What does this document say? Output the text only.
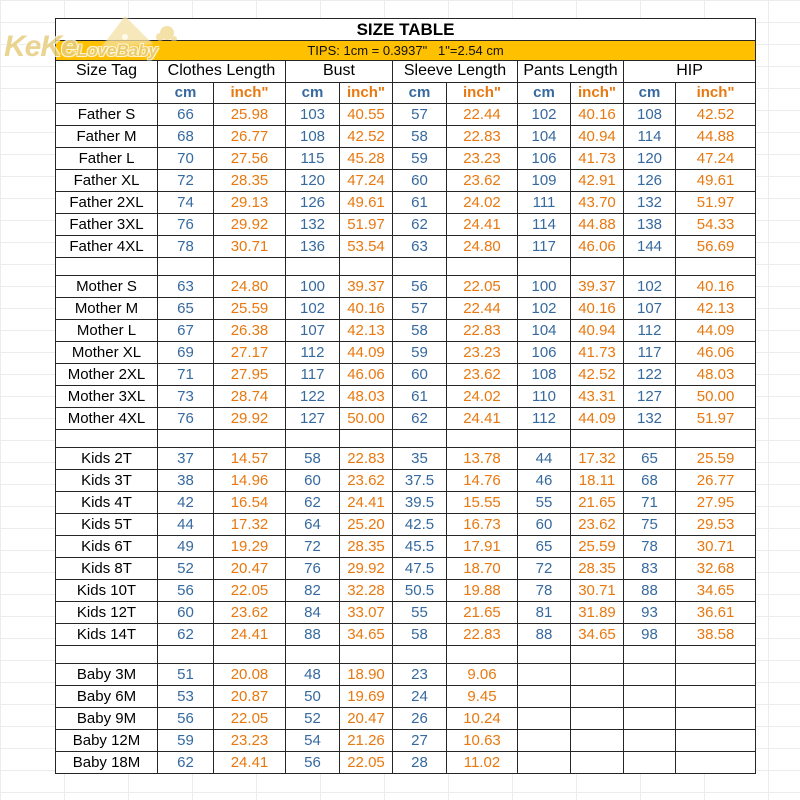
KeKeLoveBaby
SIZE TABLE										
TIPS: 1cm = 0.3937"   1"=2.54 cm										
Size Tag	Clothes Length		Bust		Sleeve Length		Pants Length		HIP	
	cm	inch"	cm	inch"	cm	inch"	cm	inch"	cm	inch"
Father S	66	25.98	103	40.55	57	22.44	102	40.16	108	42.52
Father M	68	26.77	108	42.52	58	22.83	104	40.94	114	44.88
Father L	70	27.56	115	45.28	59	23.23	106	41.73	120	47.24
Father XL	72	28.35	120	47.24	60	23.62	109	42.91	126	49.61
Father 2XL	74	29.13	126	49.61	61	24.02	111	43.70	132	51.97
Father 3XL	76	29.92	132	51.97	62	24.41	114	44.88	138	54.33
Father 4XL	78	30.71	136	53.54	63	24.80	117	46.06	144	56.69

Mother S	63	24.80	100	39.37	56	22.05	100	39.37	102	40.16
Mother M	65	25.59	102	40.16	57	22.44	102	40.16	107	42.13
Mother L	67	26.38	107	42.13	58	22.83	104	40.94	112	44.09
Mother XL	69	27.17	112	44.09	59	23.23	106	41.73	117	46.06
Mother 2XL	71	27.95	117	46.06	60	23.62	108	42.52	122	48.03
Mother 3XL	73	28.74	122	48.03	61	24.02	110	43.31	127	50.00
Mother 4XL	76	29.92	127	50.00	62	24.41	112	44.09	132	51.97

Kids 2T	37	14.57	58	22.83	35	13.78	44	17.32	65	25.59
Kids 3T	38	14.96	60	23.62	37.5	14.76	46	18.11	68	26.77
Kids 4T	42	16.54	62	24.41	39.5	15.55	55	21.65	71	27.95
Kids 5T	44	17.32	64	25.20	42.5	16.73	60	23.62	75	29.53
Kids 6T	49	19.29	72	28.35	45.5	17.91	65	25.59	78	30.71
Kids 8T	52	20.47	76	29.92	47.5	18.70	72	28.35	83	32.68
Kids 10T	56	22.05	82	32.28	50.5	19.88	78	30.71	88	34.65
Kids 12T	60	23.62	84	33.07	55	21.65	81	31.89	93	36.61
Kids 14T	62	24.41	88	34.65	58	22.83	88	34.65	98	38.58

Baby 3M	51	20.08	48	18.90	23	9.06				
Baby 6M	53	20.87	50	19.69	24	9.45				
Baby 9M	56	22.05	52	20.47	26	10.24				
Baby 12M	59	23.23	54	21.26	27	10.63				
Baby 18M	62	24.41	56	22.05	28	11.02				
